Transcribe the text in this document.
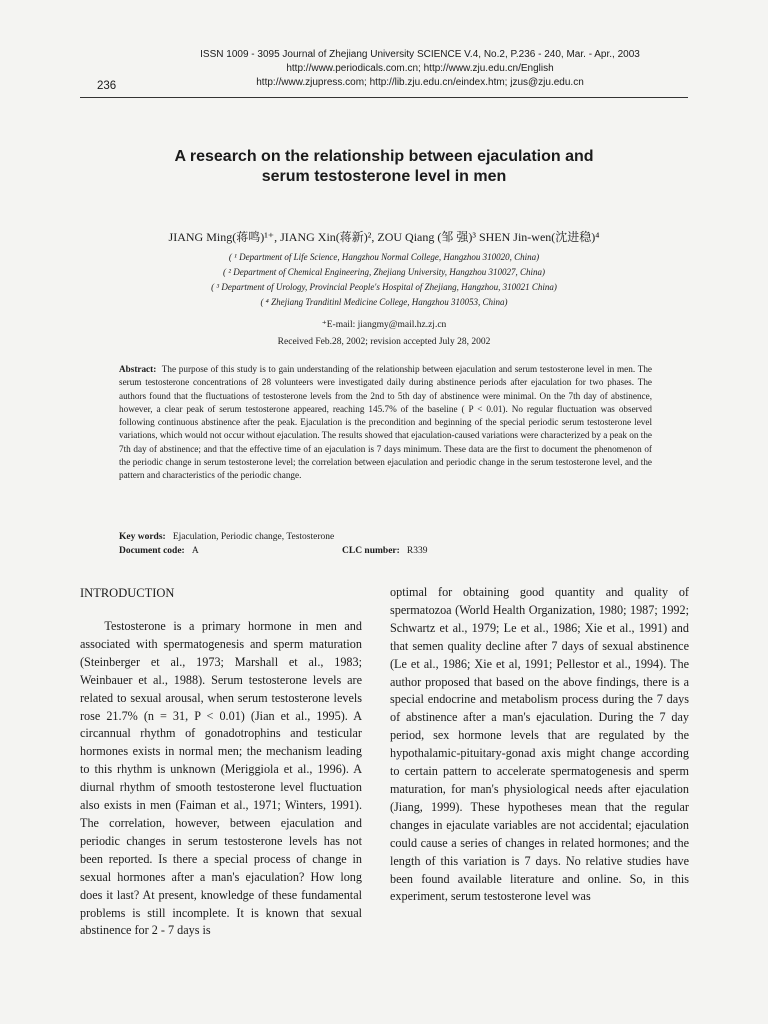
ISSN 1009 - 3095 Journal of Zhejiang University SCIENCE V.4, No.2, P.236 - 240, Mar. - Apr., 2003
http://www.periodicals.com.cn; http://www.zju.edu.cn/English
http://www.zjupress.com; http://lib.zju.edu.cn/eindex.htm; jzus@zju.edu.cn
236
A research on the relationship between ejaculation and
serum testosterone level in men
JIANG Ming(蒋鸣)¹⁺, JIANG Xin(蒋新)², ZOU Qiang (邹 强)³ SHEN Jin-wen(沈进稳)⁴
( ¹ Department of Life Science, Hangzhou Normal College, Hangzhou 310020, China)
( ² Department of Chemical Engineering, Zhejiang University, Hangzhou 310027, China)
( ³ Department of Urology, Provincial People's Hospital of Zhejiang, Hangzhou, 310021 China)
( ⁴ Zhejiang Tranditinl Medicine College, Hangzhou 310053, China)
⁺E-mail: jiangmy@mail.hz.zj.cn
Received Feb.28, 2002; revision accepted July 28, 2002
Abstract: The purpose of this study is to gain understanding of the relationship between ejaculation and serum testosterone level in men. The serum testosterone concentrations of 28 volunteers were investigated daily during abstinence periods after ejaculation for two phases. The authors found that the fluctuations of testosterone levels from the 2nd to 5th day of abstinence were minimal. On the 7th day of abstinence, however, a clear peak of serum testosterone appeared, reaching 145.7% of the baseline ( P < 0.01). No regular fluctuation was observed following continuous abstinence after the peak. Ejaculation is the precondition and beginning of the special periodic serum testosterone level variations, which would not occur without ejaculation. The results showed that ejaculation-caused variations were characterized by a peak on the 7th day of abstinence; and that the effective time of an ejaculation is 7 days minimum. These data are the first to document the phenomenon of the periodic change in serum testosterone level; the correlation between ejaculation and periodic change in the serum testosterone level, and the pattern and characteristics of the periodic change.
Key words: Ejaculation, Periodic change, Testosterone
Document code: A	CLC number: R339
INTRODUCTION

Testosterone is a primary hormone in men and associated with spermatogenesis and sperm maturation (Steinberger et al., 1973; Marshall et al., 1983; Weinbauer et al., 1988). Serum testosterone levels are related to sexual arousal, when serum testosterone levels rose 21.7% (n = 31, P < 0.01) (Jian et al., 1995). A circannual rhythm of gonadotrophins and testicular hormones exists in normal men; the mechanism leading to this rhythm is unknown (Meriggiola et al., 1996). A diurnal rhythm of smooth testosterone level fluctuation also exists in men (Faiman et al., 1971; Winters, 1991). The correlation, however, between ejaculation and periodic changes in serum testosterone levels has not been reported. Is there a special process of change in sexual hormones after a man's ejaculation? How long does it last? At present, knowledge of these fundamental problems is still incomplete. It is known that sexual abstinence for 2 - 7 days is

optimal for obtaining good quantity and quality of spermatozoa (World Health Organization, 1980; 1987; 1992; Schwartz et al., 1979; Le et al., 1986; Xie et al., 1991) and that semen quality decline after 7 days of sexual abstinence (Le et al., 1986; Xie et al, 1991; Pellestor et al., 1994). The author proposed that based on the above findings, there is a special endocrine and metabolism process during the 7 days of abstinence after a man's ejaculation. During the 7 day period, sex hormone levels that are regulated by the hypothalamic-pituitary-gonad axis might change according to certain pattern to accelerate spermatogenesis and sperm maturation, for man's physiological needs after ejaculation (Jiang, 1999). These hypotheses mean that the regular changes in ejaculate variables are not accidental; ejaculation could cause a series of changes in related hormones; and the length of this variation is 7 days. No relative studies have been found available literature and online. So, in this experiment, serum testosterone level was
